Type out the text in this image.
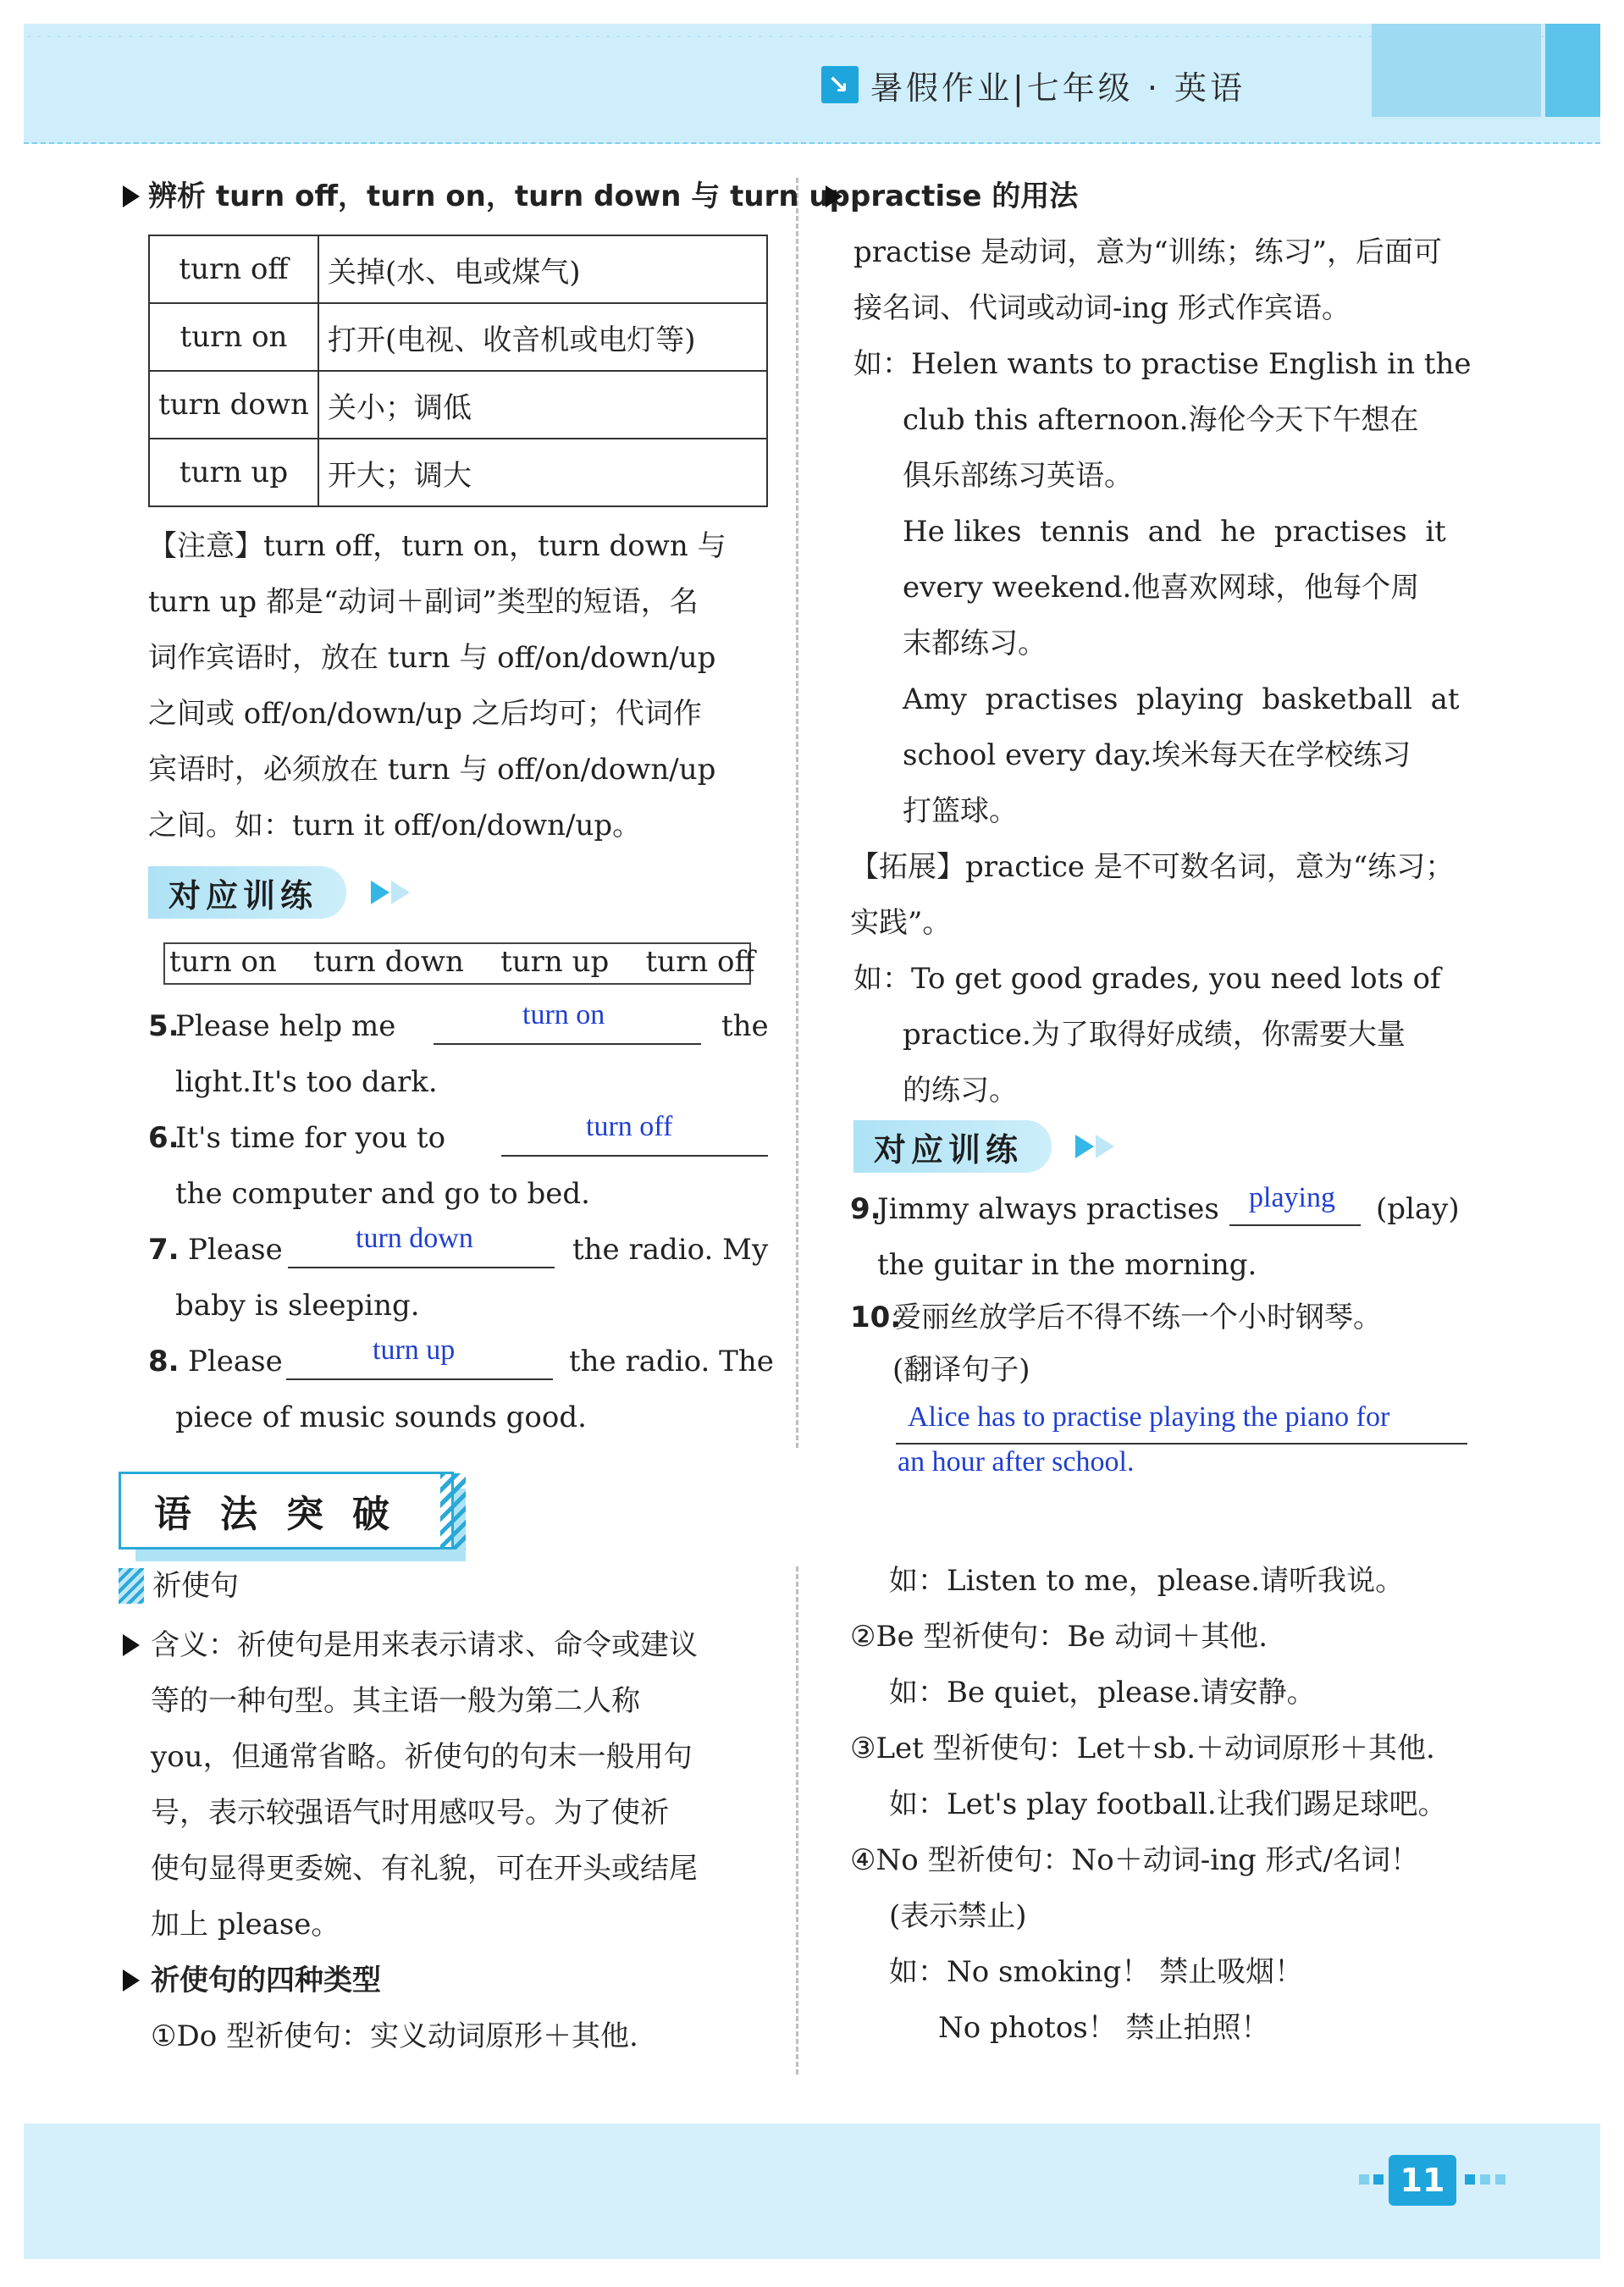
↘ 暑假作业|七年级 · 英语
辨析 turn off，turn on，turn down 与 turn up
turn off	关掉(水、电或煤气)
turn on	打开(电视、收音机或电灯等)
turn down	关小；调低
turn up	开大；调大
【注意】turn off，turn on，turn down 与
turn up 都是“动词＋副词”类型的短语，名
词作宾语时，放在 turn 与 off/on/down/up
之间或 off/on/down/up 之后均可；代词作
宾语时，必须放在 turn 与 off/on/down/up
之间。如：turn it off/on/down/up。
对应训练
turn on    turn down    turn up    turn off
5.
Please help me	turn on	the
light.It's too dark.
6.
It's time for you to	turn off
the computer and go to bed.
7. Please	turn down	the radio. My
baby is sleeping.
8. Please	turn up	the radio. The
piece of music sounds good.
practise 的用法
practise 是动词，意为“训练；练习”，后面可
接名词、代词或动词-ing 形式作宾语。
如：Helen wants to practise English in the
club this afternoon.海伦今天下午想在
俱乐部练习英语。
He likes  tennis  and  he  practises  it
every weekend.他喜欢网球，他每个周
末都练习。
Amy  practises  playing  basketball  at
school every day.埃米每天在学校练习
打篮球。
【拓展】practice 是不可数名词，意为“练习；
实践”。
如：To get good grades, you need lots of
practice.为了取得好成绩，你需要大量
的练习。
对应训练
9.
Jimmy always practises playing (play)
the guitar in the morning.
10.
爱丽丝放学后不得不练一个小时钢琴。
(翻译句子)
Alice has to practise playing the piano for
an hour after school.
语法突破
祈使句
含义：祈使句是用来表示请求、命令或建议
等的一种句型。其主语一般为第二人称
you，但通常省略。祈使句的句末一般用句
号，表示较强语气时用感叹号。为了使祈
使句显得更委婉、有礼貌，可在开头或结尾
加上 please。
祈使句的四种类型
①Do 型祈使句：实义动词原形＋其他.
如：Listen to me，please.请听我说。
②Be 型祈使句：Be 动词＋其他.
如：Be quiet，please.请安静。
③Let 型祈使句：Let＋sb.＋动词原形＋其他.
如：Let's play football.让我们踢足球吧。
④No 型祈使句：No＋动词-ing 形式/名词！
(表示禁止)
如：No smoking！ 禁止吸烟！
No photos！ 禁止拍照！
11
